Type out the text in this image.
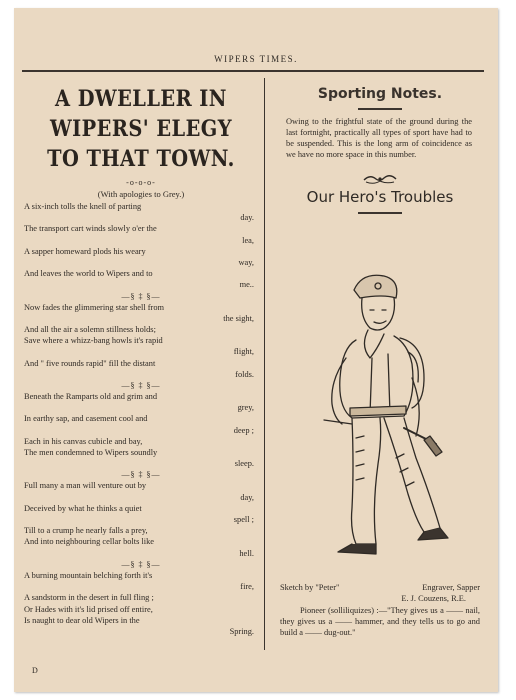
WIPERS TIMES.
A DWELLER IN WIPERS' ELEGY TO THAT TOWN.
-o-o-o-
(With apologies to Grey.)
A six-inch tolls the knell of parting
day.
The transport cart winds slowly o'er the
lea,
A sapper homeward plods his weary
way,
And leaves the world to Wipers and to
me..
—§ ‡ §—
Now fades the glimmering star shell from
the sight,
And all the air a solemn stillness holds;
Save where a whizz-bang howls it's rapid
flight,
And " five rounds rapid" fill the distant
folds.
—§ ‡ §—
Beneath the Ramparts old and grim and
grey,
In earthy sap, and casement cool and
deep ;
Each in his canvas cubicle and bay,
The men condemned to Wipers soundly
sleep.
—§ ‡ §—
Full many a man will venture out by
day,
Deceived by what he thinks a quiet
spell ;
Till to a crump he nearly falls a prey,
And into neighbouring cellar bolts like
hell.
—§ ‡ §—
A burning mountain belching forth it's
fire,
A sandstorm in the desert in full fling ;
Or Hades with it's lid prised off entire,
Is naught to dear old Wipers in the
Spring.
Sporting Notes.
Owing to the frightful state of the ground during the last fortnight, practically all types of sport have had to be suspended. This is the long arm of coincidence as we have no more space in this number.
Our Hero's Troubles
Sketch by "Peter"	Engraver, Sapper
E. J. Couzens, R.E.
Pioneer (solliliquizes) :—"They gives us a —— nail, they gives us a —— hammer, and they tells us to go and build a —— dug-out."
D
